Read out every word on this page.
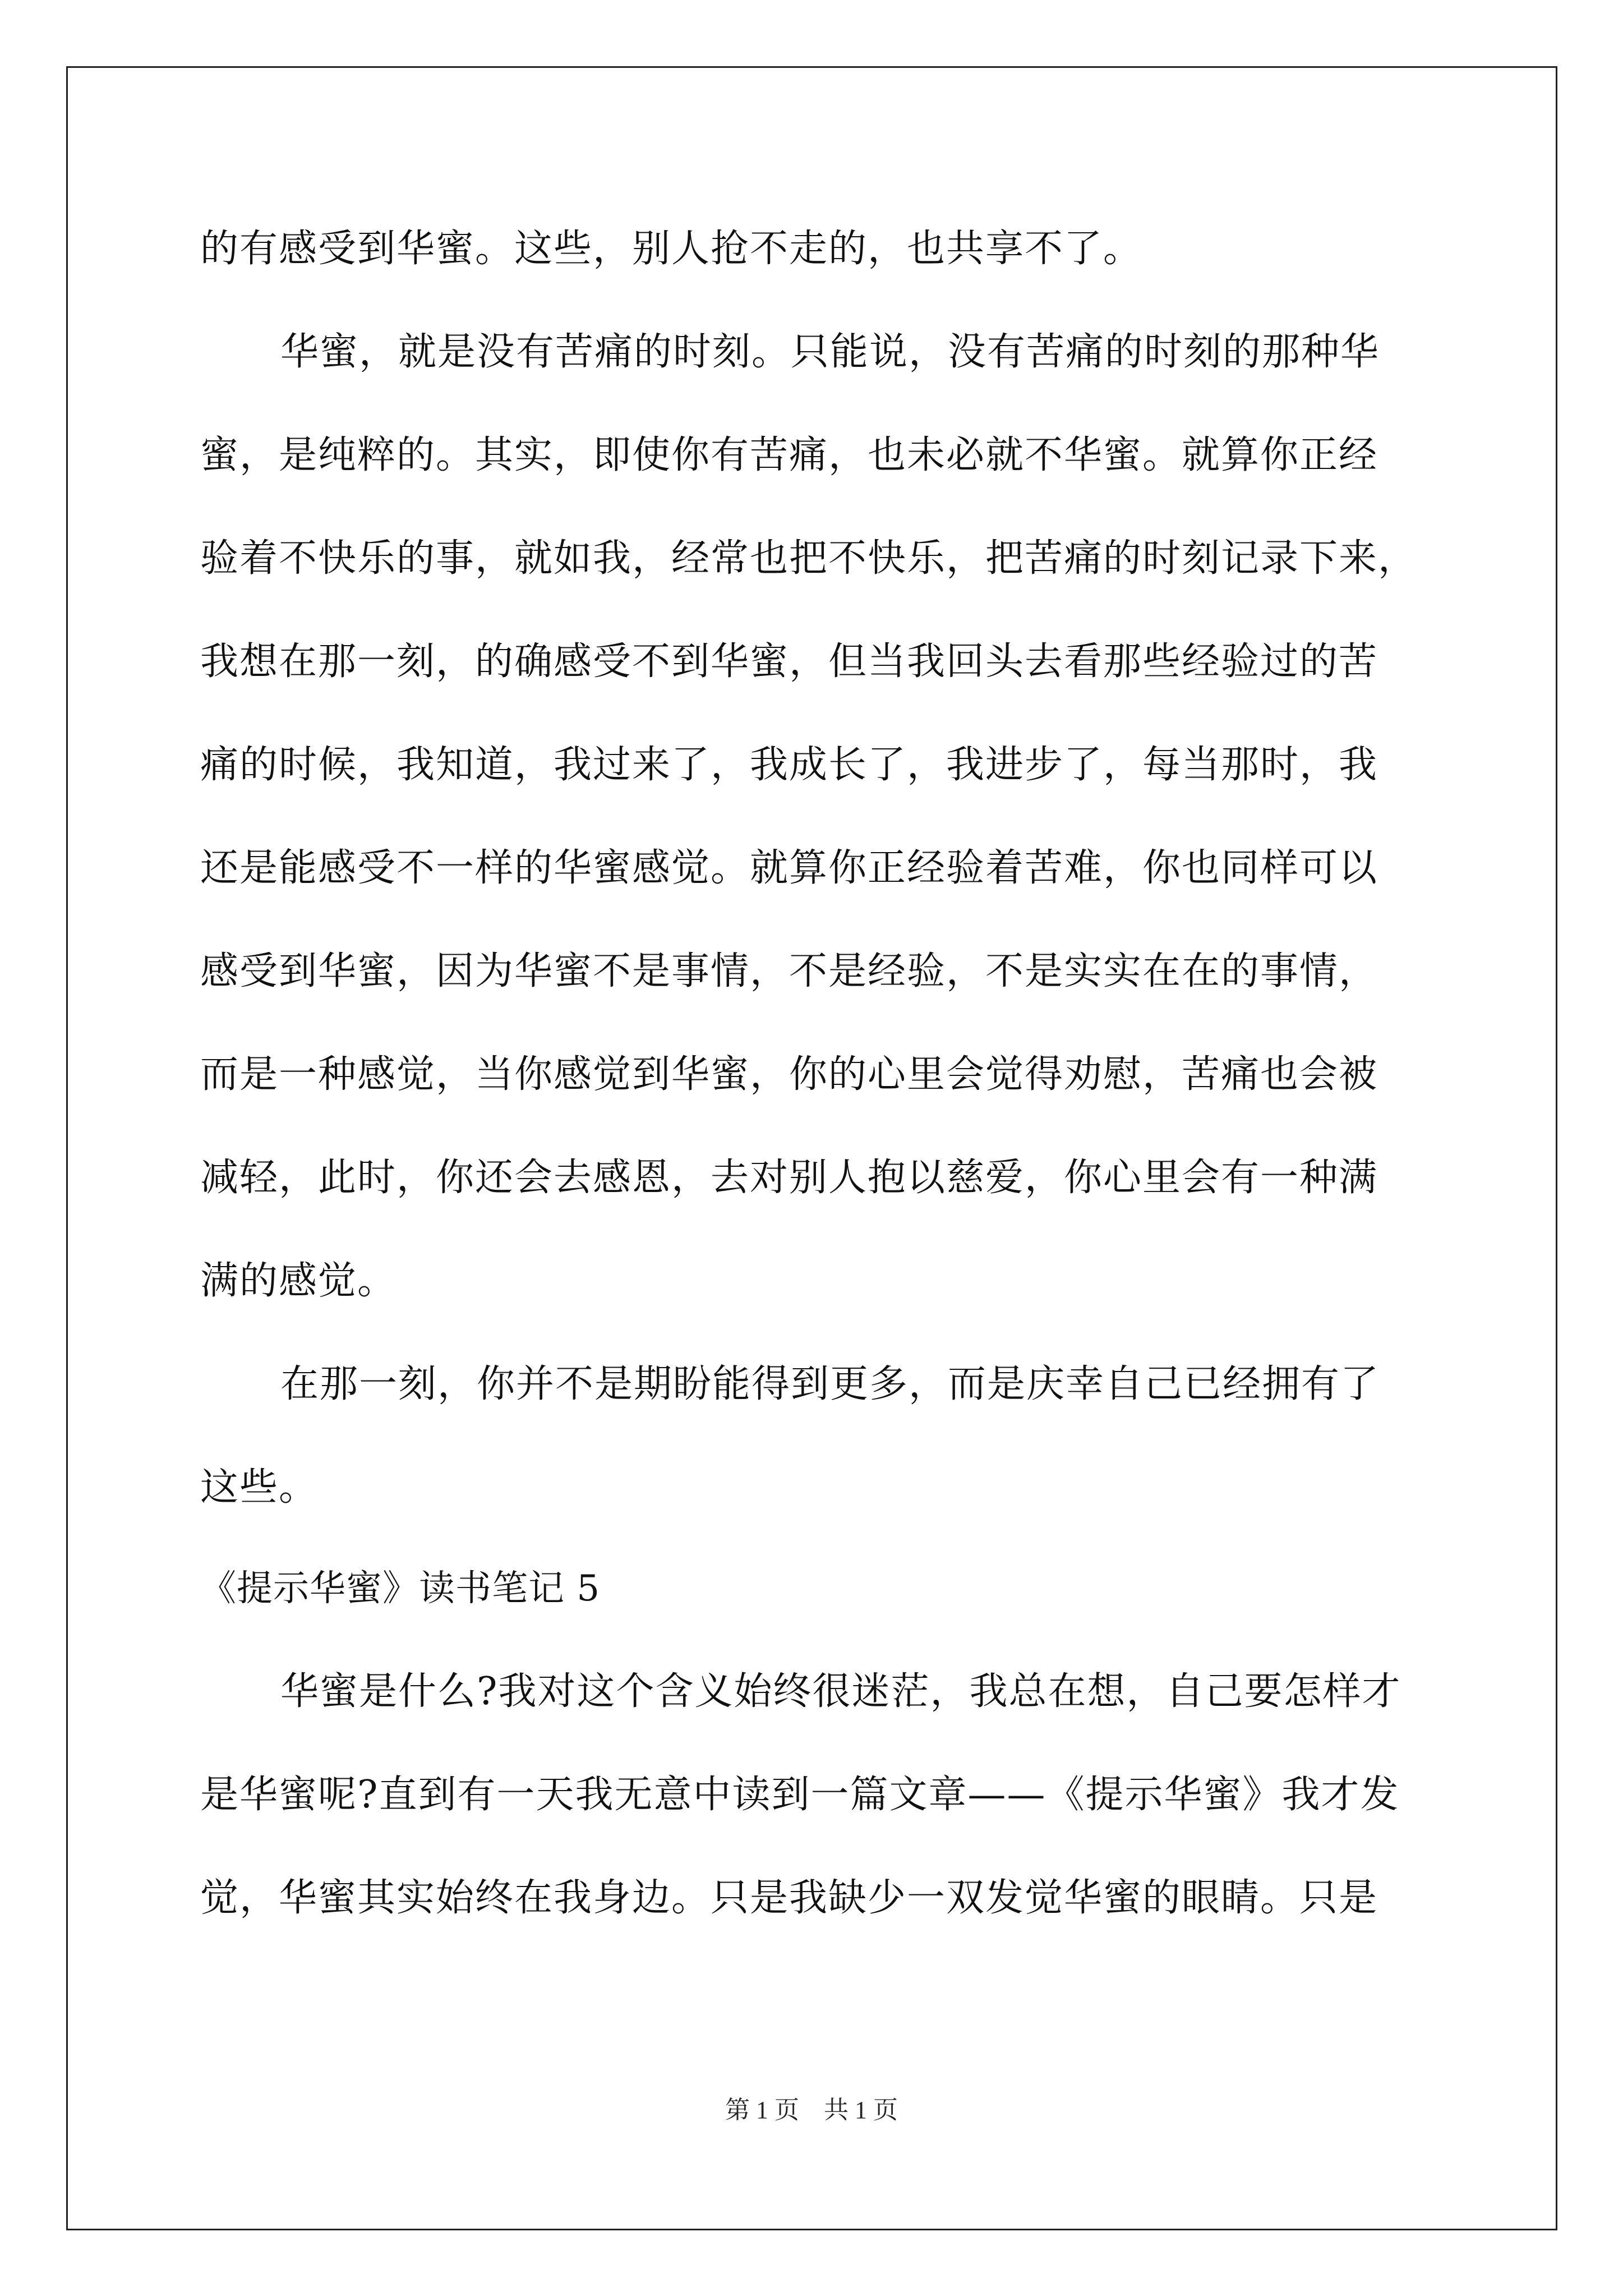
的有感受到华蜜。这些，别人抢不走的，也共享不了。
华蜜，就是没有苦痛的时刻。只能说，没有苦痛的时刻的那种华
蜜，是纯粹的。其实，即使你有苦痛，也未必就不华蜜。就算你正经
验着不快乐的事，就如我，经常也把不快乐，把苦痛的时刻记录下来，
我想在那一刻，的确感受不到华蜜，但当我回头去看那些经验过的苦
痛的时候，我知道，我过来了，我成长了，我进步了，每当那时，我
还是能感受不一样的华蜜感觉。就算你正经验着苦难，你也同样可以
感受到华蜜，因为华蜜不是事情，不是经验，不是实实在在的事情，
而是一种感觉，当你感觉到华蜜，你的心里会觉得劝慰，苦痛也会被
减轻，此时，你还会去感恩，去对别人抱以慈爱，你心里会有一种满
满的感觉。
在那一刻，你并不是期盼能得到更多，而是庆幸自己已经拥有了
这些。
《提示华蜜》读书笔记 5
华蜜是什么?我对这个含义始终很迷茫，我总在想，自己要怎样才
是华蜜呢?直到有一天我无意中读到一篇文章——《提示华蜜》我才发
觉，华蜜其实始终在我身边。只是我缺少一双发觉华蜜的眼睛。只是
第 1 页　共 1 页
